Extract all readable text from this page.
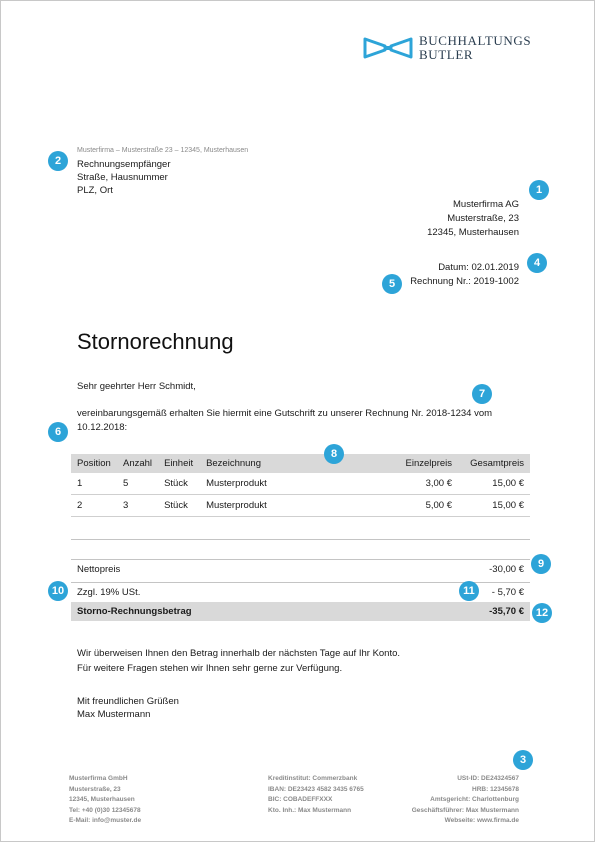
BUCHHALTUNGS
BUTLER
Musterfirma – Musterstraße 23 – 12345, Musterhausen
Rechnungsempfänger
Straße, Hausnummer
PLZ, Ort
Musterfirma AG
Musterstraße, 23
12345, Musterhausen
Datum: 02.01.2019
Rechnung Nr.: 2019-1002
Stornorechnung
Sehr geehrter Herr Schmidt,
vereinbarungsgemäß erhalten Sie hiermit eine Gutschrift zu unserer Rechnung Nr. 2018-1234 vom 10.12.2018:
Position	Anzahl	Einheit	Bezeichnung	Einzelpreis	Gesamtpreis
1	5	Stück	Musterprodukt	3,00 €	15,00 €
2	3	Stück	Musterprodukt	5,00 €	15,00 €
Nettopreis	-30,00 €
Zzgl. 19% USt.	- 5,70 €
Storno-Rechnungsbetrag	-35,70 €
Wir überweisen Ihnen den Betrag innerhalb der nächsten Tage auf Ihr Konto.
Für weitere Fragen stehen wir Ihnen sehr gerne zur Verfügung.
Mit freundlichen Grüßen
Max Mustermann
Musterfirma GmbH
Musterstraße, 23
12345, Musterhausen
Tel: +40 (0)30 12345678
E-Mail: info@muster.de
Kreditinstitut: Commerzbank
IBAN: DE23423 4582 3435 6765
BIC: COBADEFFXXX
Kto. Inh.: Max Mustermann
USt-ID: DE24324567
HRB: 12345678
Amtsgericht: Charlottenburg
Geschäftsführer: Max Mustermann
Webseite: www.firma.de
1
2
3
4
5
6
7
8
9
10	11
12
